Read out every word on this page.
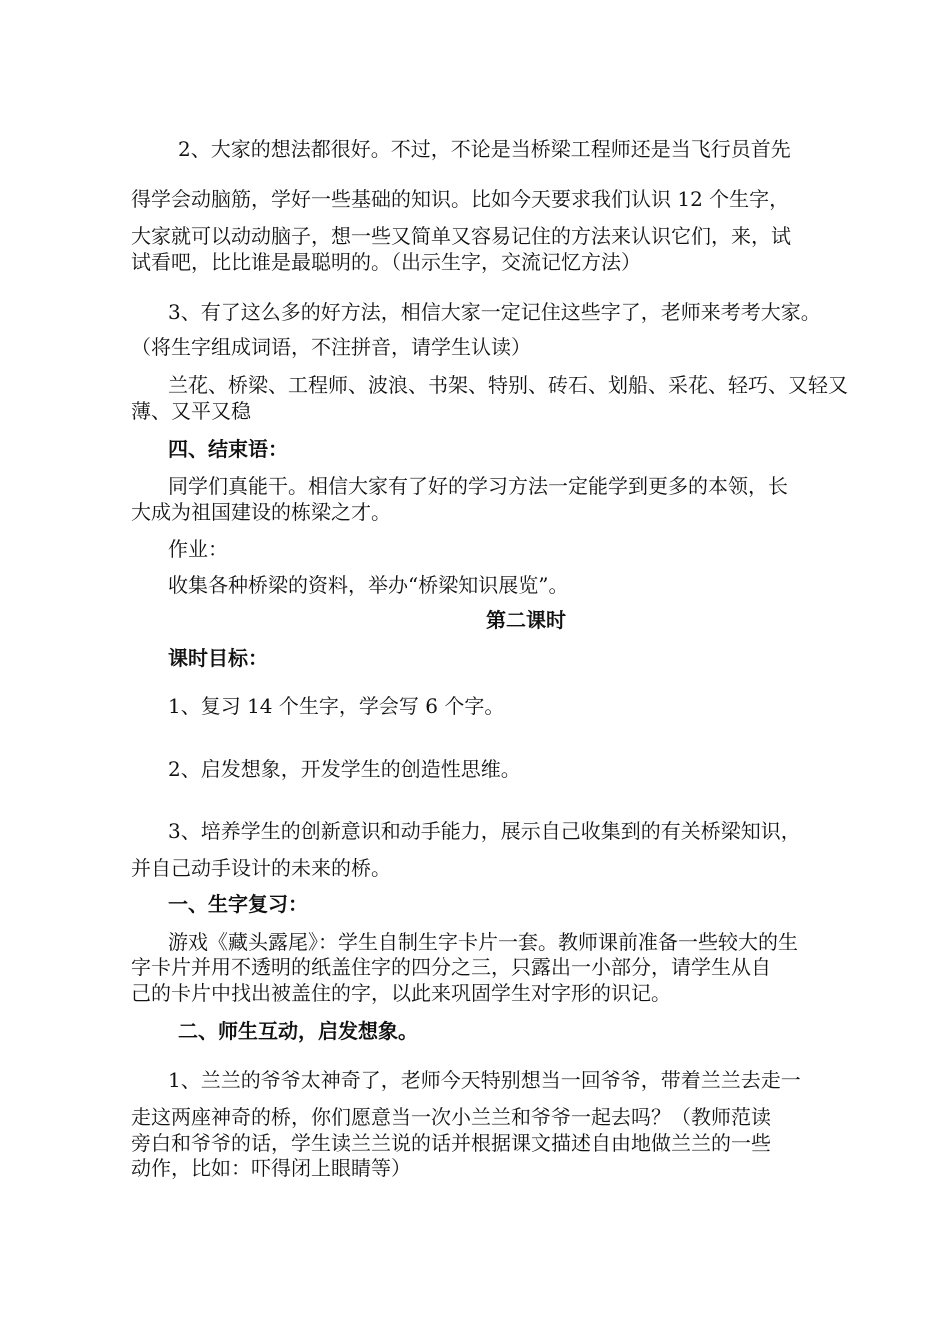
2、大家的想法都很好。不过，不论是当桥梁工程师还是当飞行员首先
得学会动脑筋，学好一些基础的知识。比如今天要求我们认识 12 个生字，
大家就可以动动脑子，想一些又简单又容易记住的方法来认识它们，来，试
试看吧，比比谁是最聪明的。（出示生字，交流记忆方法）
3、有了这么多的好方法，相信大家一定记住这些字了，老师来考考大家。
（将生字组成词语，不注拼音，请学生认读）
兰花、桥梁、工程师、波浪、书架、特别、砖石、划船、采花、轻巧、又轻又
薄、又平又稳
四、结束语：
同学们真能干。相信大家有了好的学习方法一定能学到更多的本领，长
大成为祖国建设的栋梁之才。
作业：
收集各种桥梁的资料，举办“桥梁知识展览”。
第二课时
课时目标：
1、复习 14 个生字，学会写 6 个字。
2、启发想象，开发学生的创造性思维。
3、培养学生的创新意识和动手能力，展示自己收集到的有关桥梁知识，
并自己动手设计的未来的桥。
一、生字复习：
游戏《藏头露尾》：学生自制生字卡片一套。教师课前准备一些较大的生
字卡片并用不透明的纸盖住字的四分之三，只露出一小部分，请学生从自
己的卡片中找出被盖住的字，以此来巩固学生对字形的识记。
二、师生互动，启发想象。
1、兰兰的爷爷太神奇了，老师今天特别想当一回爷爷，带着兰兰去走一
走这两座神奇的桥，你们愿意当一次小兰兰和爷爷一起去吗？（教师范读
旁白和爷爷的话，学生读兰兰说的话并根据课文描述自由地做兰兰的一些
动作，比如：吓得闭上眼睛等）
